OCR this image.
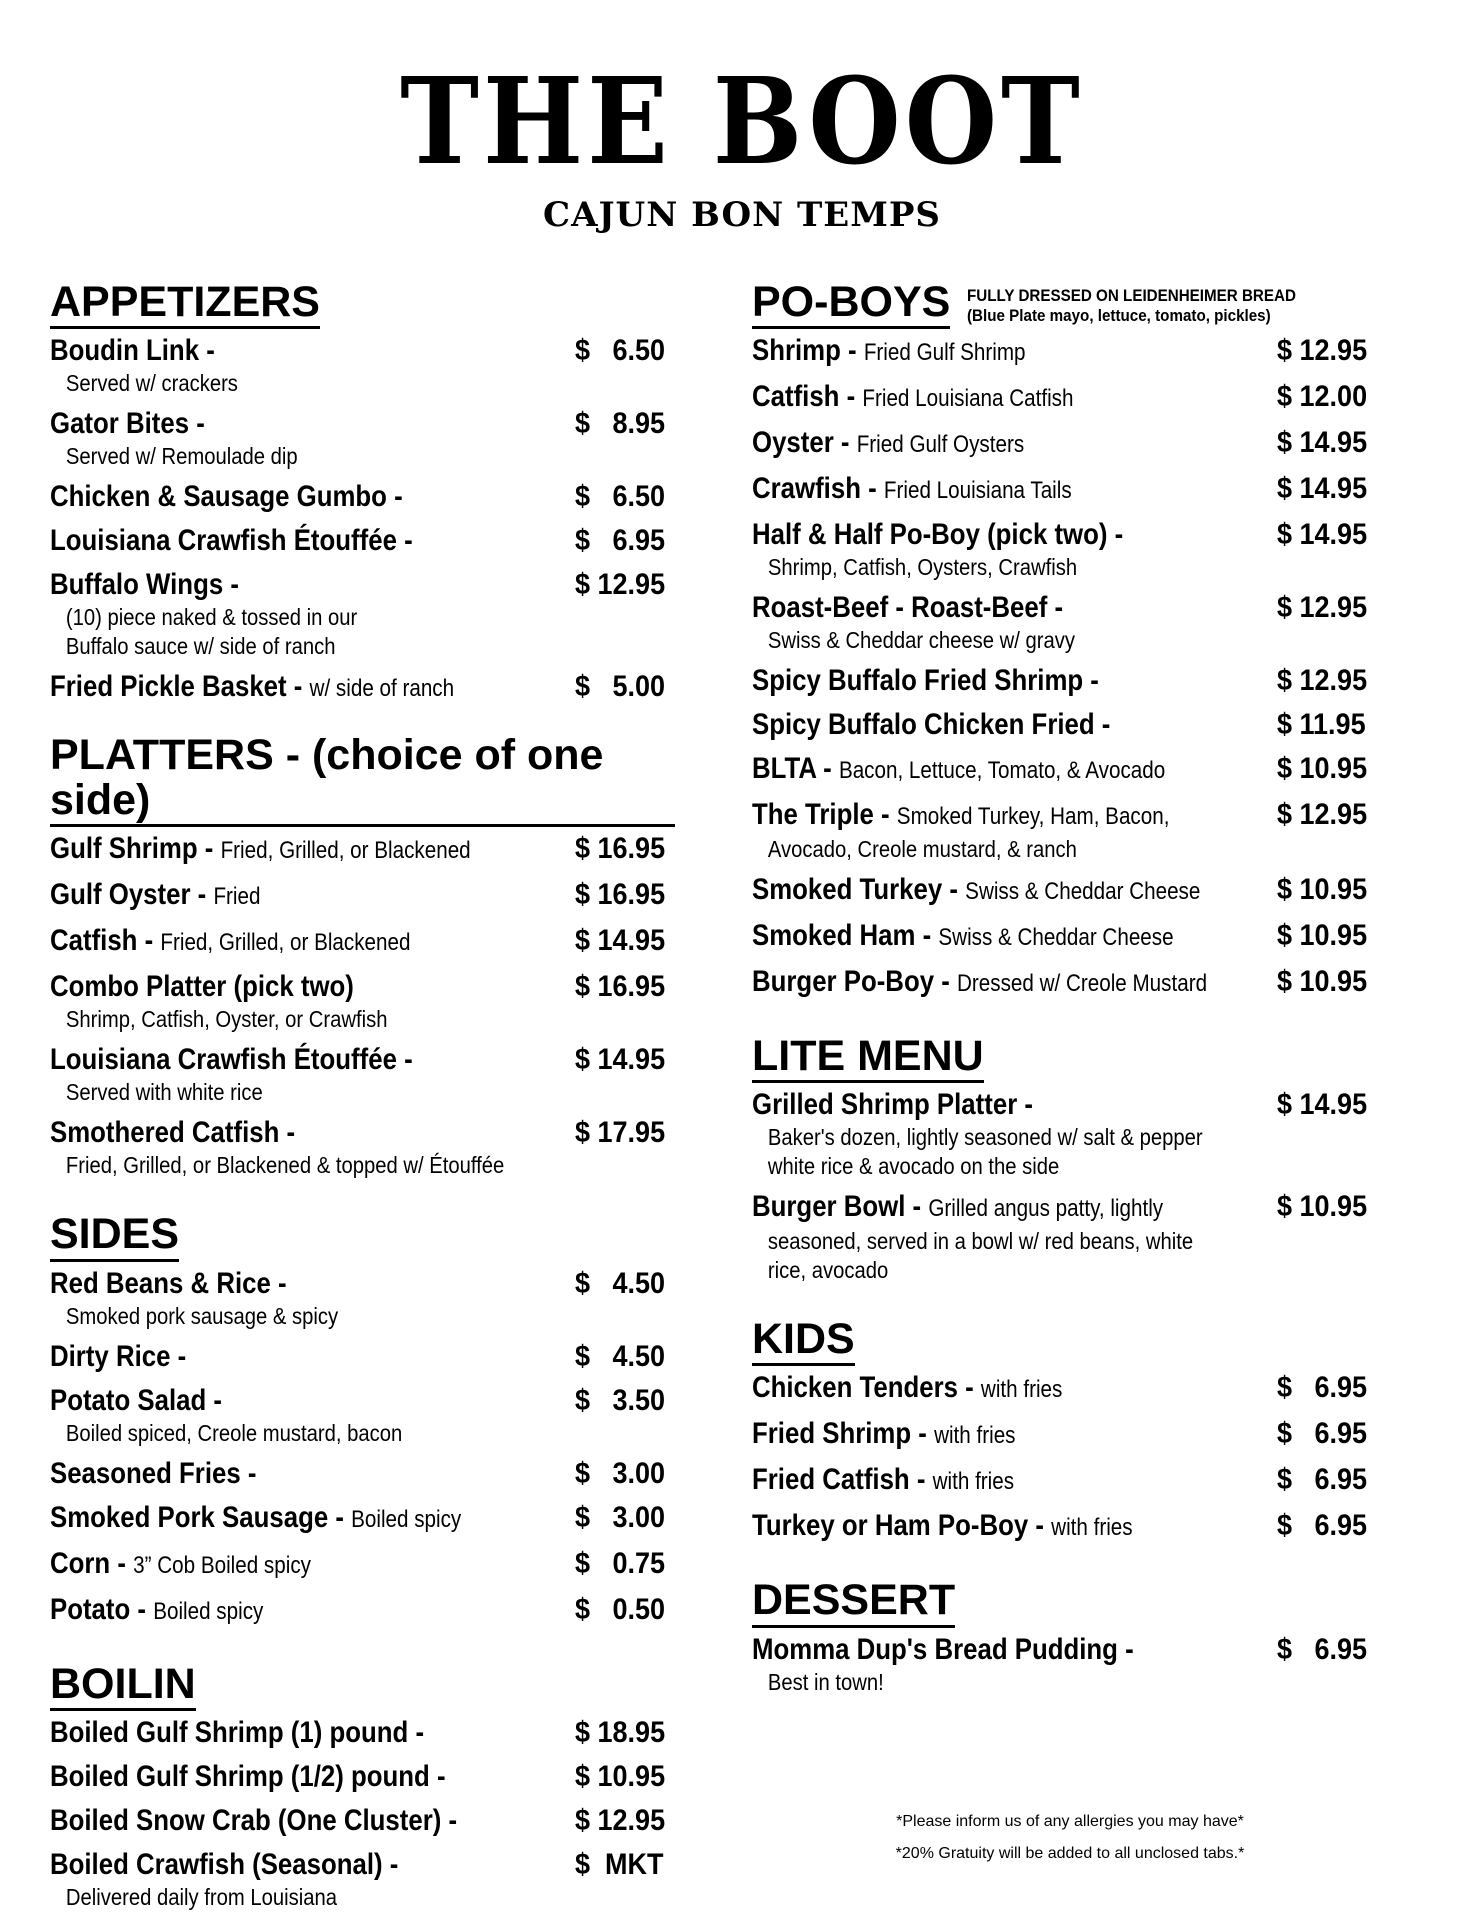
THE BOOT
CAJUN BON TEMPS
APPETIZERS
Boudin Link -	$   6.50
Served w/ crackers
Gator Bites -	$   8.95
Served w/ Remoulade dip
Chicken & Sausage Gumbo -	$   6.50
Louisiana Crawfish Étouffée -	$   6.95
Buffalo Wings -	$ 12.95
(10) piece naked & tossed in our
Buffalo sauce w/ side of ranch
Fried Pickle Basket - w/ side of ranch	$   5.00
PLATTERS - (choice of one side)
Gulf Shrimp - Fried, Grilled, or Blackened	$ 16.95
Gulf Oyster - Fried	$ 16.95
Catfish - Fried, Grilled, or Blackened	$ 14.95
Combo Platter (pick two)	$ 16.95
Shrimp, Catfish, Oyster, or Crawfish
Louisiana Crawfish Étouffée -	$ 14.95
Served with white rice
Smothered Catfish -	$ 17.95
Fried, Grilled, or Blackened & topped w/ Étouffée
SIDES
Red Beans & Rice -	$   4.50
Smoked pork sausage & spicy
Dirty Rice -	$   4.50
Potato Salad -	$   3.50
Boiled spiced, Creole mustard, bacon
Seasoned Fries -	$   3.00
Smoked Pork Sausage - Boiled spicy	$   3.00
Corn - 3” Cob Boiled spicy	$   0.75
Potato - Boiled spicy	$   0.50
BOILIN
Boiled Gulf Shrimp (1) pound -	$ 18.95
Boiled Gulf Shrimp (1/2) pound -	$ 10.95
Boiled Snow Crab (One Cluster) -	$ 12.95
Boiled Crawfish (Seasonal) -	$  MKT
Delivered daily from Louisiana
PO-BOYS FULLY DRESSED ON LEIDENHEIMER BREAD
(Blue Plate mayo, lettuce, tomato, pickles)
Shrimp - Fried Gulf Shrimp	$ 12.95
Catfish - Fried Louisiana Catfish	$ 12.00
Oyster - Fried Gulf Oysters	$ 14.95
Crawfish - Fried Louisiana Tails	$ 14.95
Half & Half Po-Boy (pick two) -	$ 14.95
Shrimp, Catfish, Oysters, Crawfish
Roast-Beef - Roast-Beef -	$ 12.95
Swiss & Cheddar cheese w/ gravy
Spicy Buffalo Fried Shrimp -	$ 12.95
Spicy Buffalo Chicken Fried -	$ 11.95
BLTA - Bacon, Lettuce, Tomato, & Avocado	$ 10.95
The Triple - Smoked Turkey, Ham, Bacon,	$ 12.95
Avocado, Creole mustard, & ranch
Smoked Turkey - Swiss & Cheddar Cheese	$ 10.95
Smoked Ham - Swiss & Cheddar Cheese	$ 10.95
Burger Po-Boy - Dressed w/ Creole Mustard	$ 10.95
LITE MENU
Grilled Shrimp Platter -	$ 14.95
Baker's dozen, lightly seasoned w/ salt & pepper
white rice & avocado on the side
Burger Bowl - Grilled angus patty, lightly	$ 10.95
seasoned, served in a bowl w/ red beans, white
rice, avocado
KIDS
Chicken Tenders - with fries	$   6.95
Fried Shrimp - with fries	$   6.95
Fried Catfish - with fries	$   6.95
Turkey or Ham Po-Boy - with fries	$   6.95
DESSERT
Momma Dup's Bread Pudding -	$   6.95
Best in town!
*Please inform us of any allergies you may have*
*20% Gratuity will be added to all unclosed tabs.*
